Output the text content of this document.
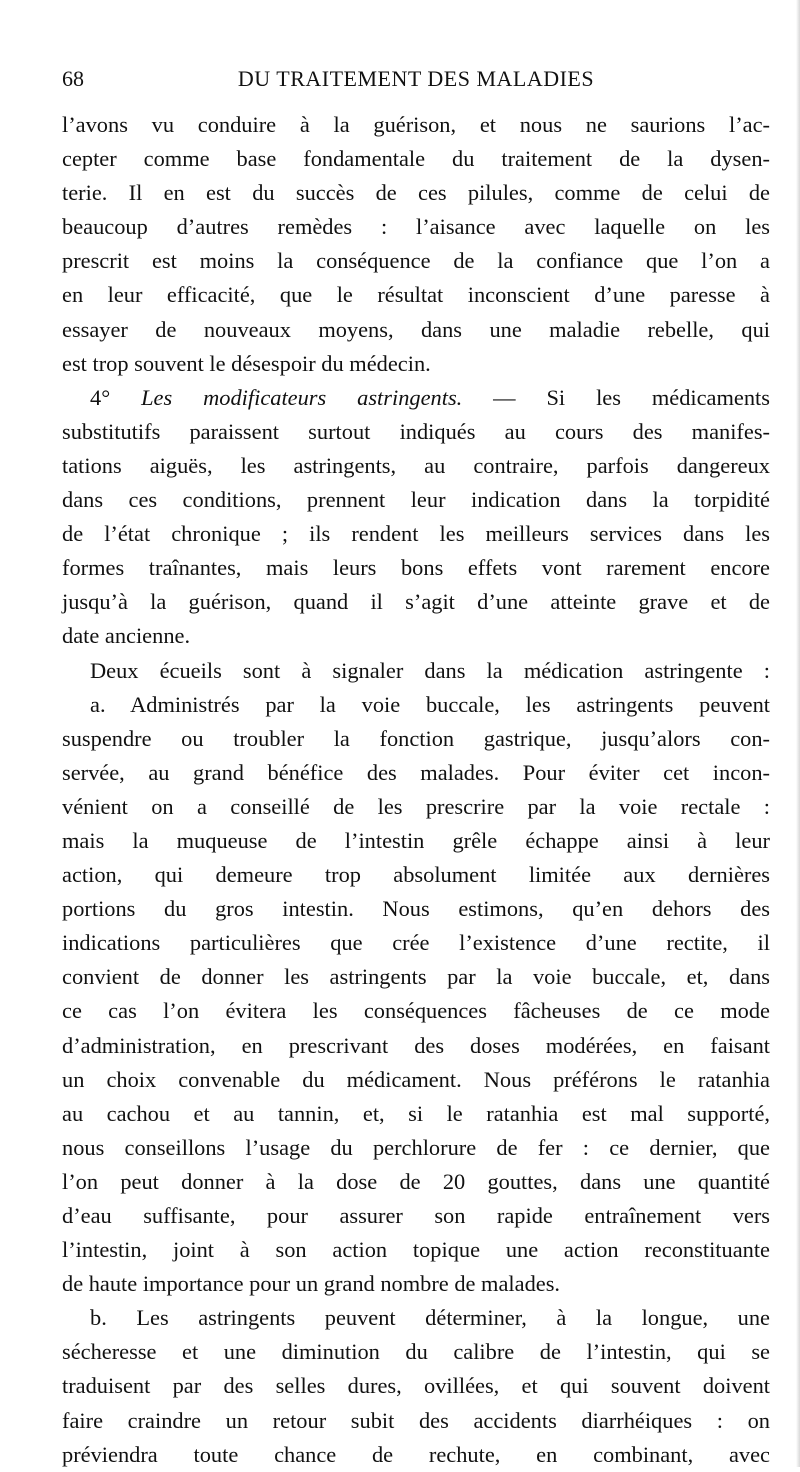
68	DU TRAITEMENT DES MALADIES
l’avons vu conduire à la guérison, et nous ne saurions l’ac-
cepter comme base fondamentale du traitement de la dysen-
terie. Il en est du succès de ces pilules, comme de celui de
beaucoup d’autres remèdes : l’aisance avec laquelle on les
prescrit est moins la conséquence de la confiance que l’on a
en leur efficacité, que le résultat inconscient d’une paresse à
essayer de nouveaux moyens, dans une maladie rebelle, qui
est trop souvent le désespoir du médecin.
4° Les modificateurs astringents. — Si les médicaments
substitutifs paraissent surtout indiqués au cours des manifes-
tations aiguës, les astringents, au contraire, parfois dangereux
dans ces conditions, prennent leur indication dans la torpidité
de l’état chronique ; ils rendent les meilleurs services dans les
formes traînantes, mais leurs bons effets vont rarement encore
jusqu’à la guérison, quand il s’agit d’une atteinte grave et de
date ancienne.
Deux écueils sont à signaler dans la médication astringente :
a. Administrés par la voie buccale, les astringents peuvent
suspendre ou troubler la fonction gastrique, jusqu’alors con-
servée, au grand bénéfice des malades. Pour éviter cet incon-
vénient on a conseillé de les prescrire par la voie rectale :
mais la muqueuse de l’intestin grêle échappe ainsi à leur
action, qui demeure trop absolument limitée aux dernières
portions du gros intestin. Nous estimons, qu’en dehors des
indications particulières que crée l’existence d’une rectite, il
convient de donner les astringents par la voie buccale, et, dans
ce cas l’on évitera les conséquences fâcheuses de ce mode
d’administration, en prescrivant des doses modérées, en faisant
un choix convenable du médicament. Nous préférons le ratanhia
au cachou et au tannin, et, si le ratanhia est mal supporté,
nous conseillons l’usage du perchlorure de fer : ce dernier, que
l’on peut donner à la dose de 20 gouttes, dans une quantité
d’eau suffisante, pour assurer son rapide entraînement vers
l’intestin, joint à son action topique une action reconstituante
de haute importance pour un grand nombre de malades.
b. Les astringents peuvent déterminer, à la longue, une
sécheresse et une diminution du calibre de l’intestin, qui se
traduisent par des selles dures, ovillées, et qui souvent doivent
faire craindre un retour subit des accidents diarrhéiques : on
préviendra toute chance de rechute, en combinant, avec
